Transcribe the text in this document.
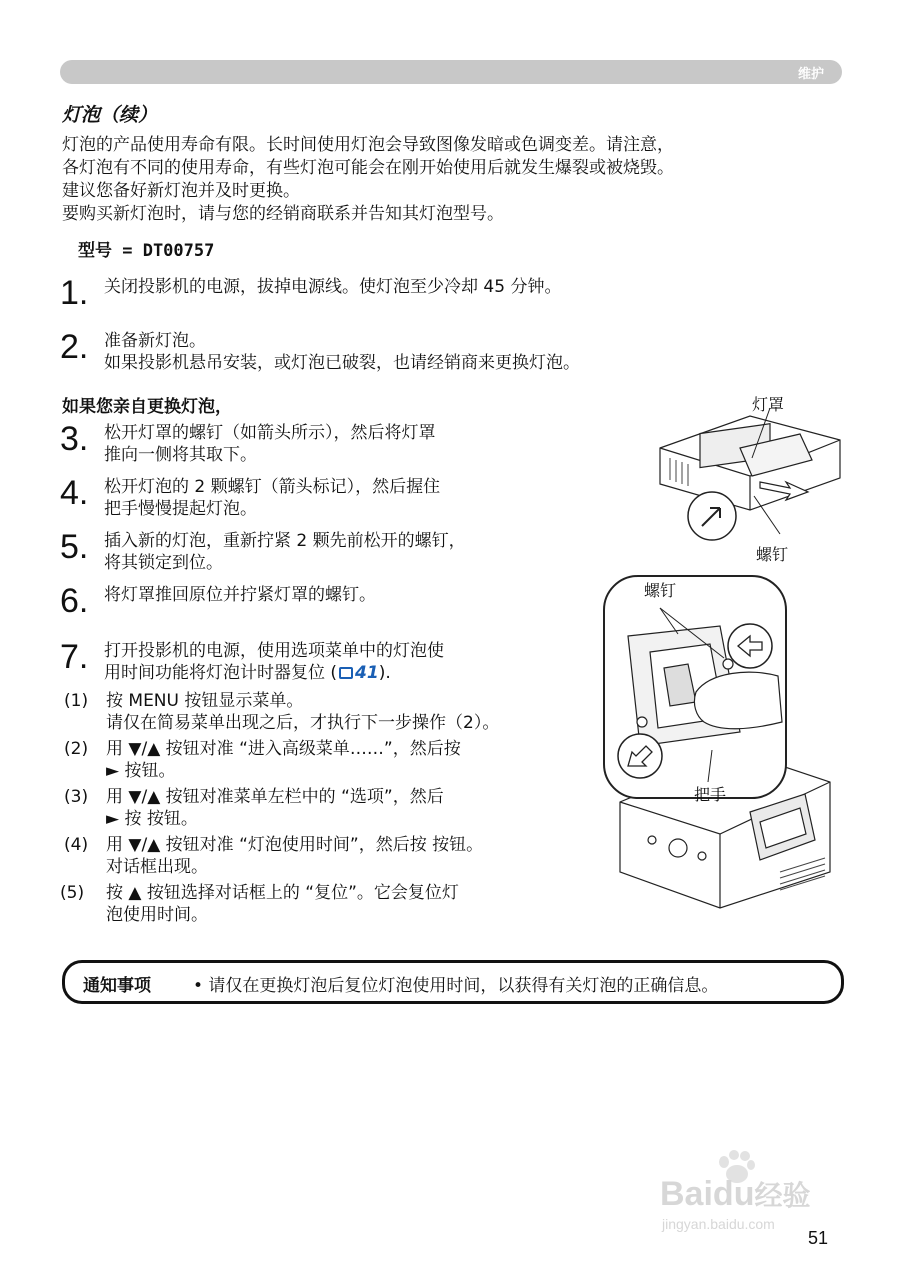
维护
灯泡（续）
灯泡的产品使用寿命有限。长时间使用灯泡会导致图像发暗或色调变差。请注意，
各灯泡有不同的使用寿命，有些灯泡可能会在刚开始使用后就发生爆裂或被烧毁。
建议您备好新灯泡并及时更换。
要购买新灯泡时，请与您的经销商联系并告知其灯泡型号。
型号 = DT00757
1. 关闭投影机的电源，拔掉电源线。使灯泡至少冷却 45 分钟。
2. 准备新灯泡。
如果投影机悬吊安装，或灯泡已破裂，也请经销商来更换灯泡。
如果您亲自更换灯泡，
3. 松开灯罩的螺钉（如箭头所示），然后将灯罩
推向一侧将其取下。
4. 松开灯泡的 2 颗螺钉（箭头标记），然后握住
把手慢慢提起灯泡。
5. 插入新的灯泡，重新拧紧 2 颗先前松开的螺钉，
将其锁定到位。
6. 将灯罩推回原位并拧紧灯罩的螺钉。
7. 打开投影机的电源，使用选项菜单中的灯泡使
用时间功能将灯泡计时器复位 ( 41).
(1) 按 MENU 按钮显示菜单。
请仅在简易菜单出现之后，才执行下一步操作（2）。
(2) 用 ▼/▲ 按钮对准 “进入高级菜单……”，然后按
► 按钮。
(3) 用 ▼/▲ 按钮对准菜单左栏中的 “选项”，然后
► 按 按钮。
(4) 用 ▼/▲ 按钮对准 “灯泡使用时间”，然后按 按钮。
对话框出现。
(5) 按 ▲ 按钮选择对话框上的 “复位”。它会复位灯
泡使用时间。
灯罩
螺钉
螺钉
把手
通知事项 • 请仅在更换灯泡后复位灯泡使用时间，以获得有关灯泡的正确信息。
Baidu经验
jingyan.baidu.com
51
